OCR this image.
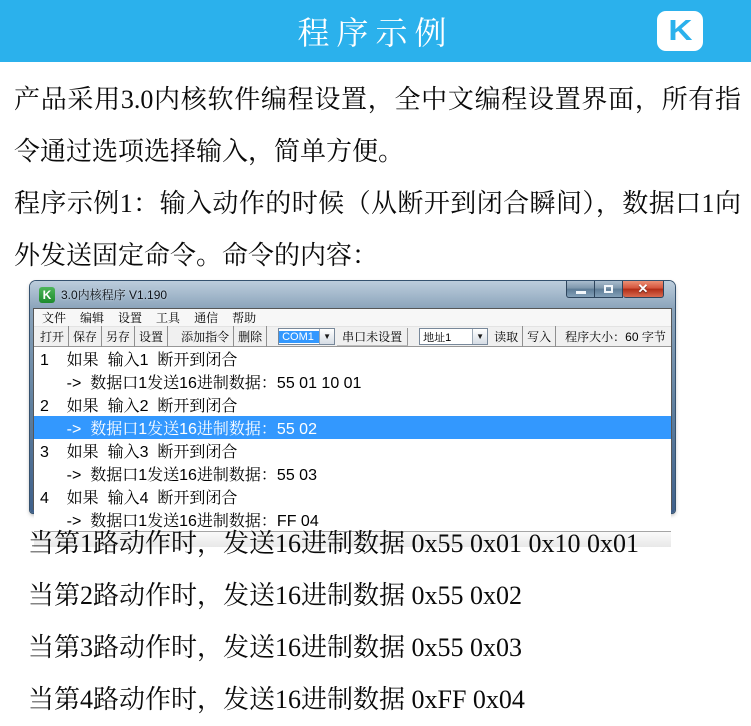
程序示例	K

产品采用3.0内核软件编程设置，全中文编程设置界面，所有指令通过选项选择输入，简单方便。

程序示例1：输入动作的时候（从断开到闭合瞬间），数据口1向外发送固定命令。命令的内容：

K 3.0内核程序 V1.190	✕
文件 编辑 设置 工具 通信 帮助
打开 保存 另存 设置	添加指令 删除	COM1	▼ 串口未设置	地址1	▼ 读取 写入	程序大小：60 字节
1    如果  输入1  断开到闭合
->  数据口1发送16进制数据：55 01 10 01
2    如果  输入2  断开到闭合
->  数据口1发送16进制数据：55 02
3    如果  输入3  断开到闭合
->  数据口1发送16进制数据：55 03
4    如果  输入4  断开到闭合
->  数据口1发送16进制数据：FF 04
当第1路动作时，发送16进制数据 0x55 0x01 0x10 0x01
当第2路动作时，发送16进制数据 0x55 0x02
当第3路动作时，发送16进制数据 0x55 0x03
当第4路动作时，发送16进制数据 0xFF 0x04
